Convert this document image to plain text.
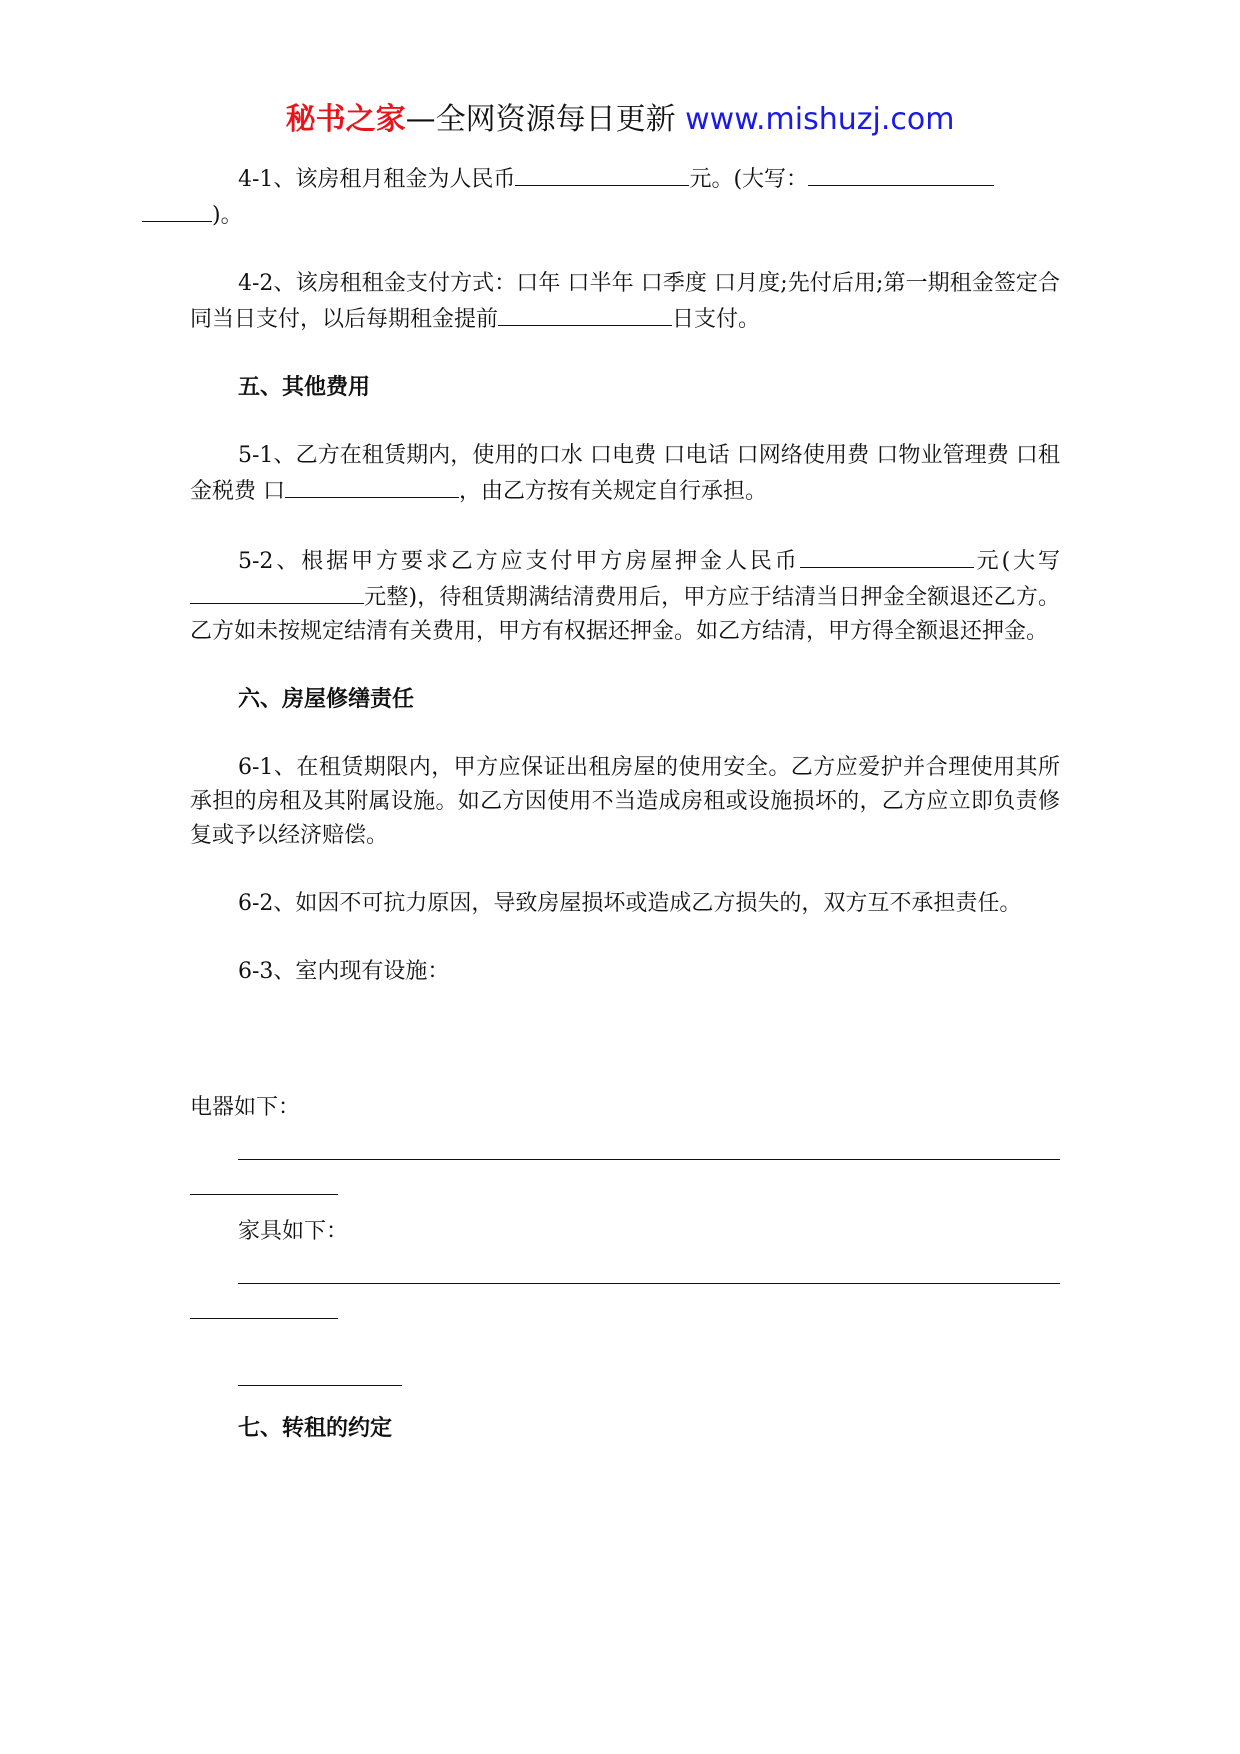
秘书之家—全网资源每日更新 www.mishuzj.com

4-1、该房租月租金为人民币	元。(大写：
)。

4-2、该房租租金支付方式：口年 口半年 口季度 口月度;先付后用;第一期租金签定合同当日支付，以后每期租金提前	日支付。

五、其他费用

5-1、乙方在租赁期内，使用的口水 口电费 口电话 口网络使用费 口物业管理费 口租金税费 口	，由乙方按有关规定自行承担。

5-2、根据甲方要求乙方应支付甲方房屋押金人民币	元(大写元整)，待租赁期满结清费用后，甲方应于结清当日押金全额退还乙方。乙方如未按规定结清有关费用，甲方有权据还押金。如乙方结清，甲方得全额退还押金。

六、房屋修缮责任

6-1、在租赁期限内，甲方应保证出租房屋的使用安全。乙方应爱护并合理使用其所承担的房租及其附属设施。如乙方因使用不当造成房租或设施损坏的，乙方应立即负责修复或予以经济赔偿。

6-2、如因不可抗力原因，导致房屋损坏或造成乙方损失的，双方互不承担责任。

6-3、室内现有设施：

电器如下：

家具如下：

七、转租的约定
